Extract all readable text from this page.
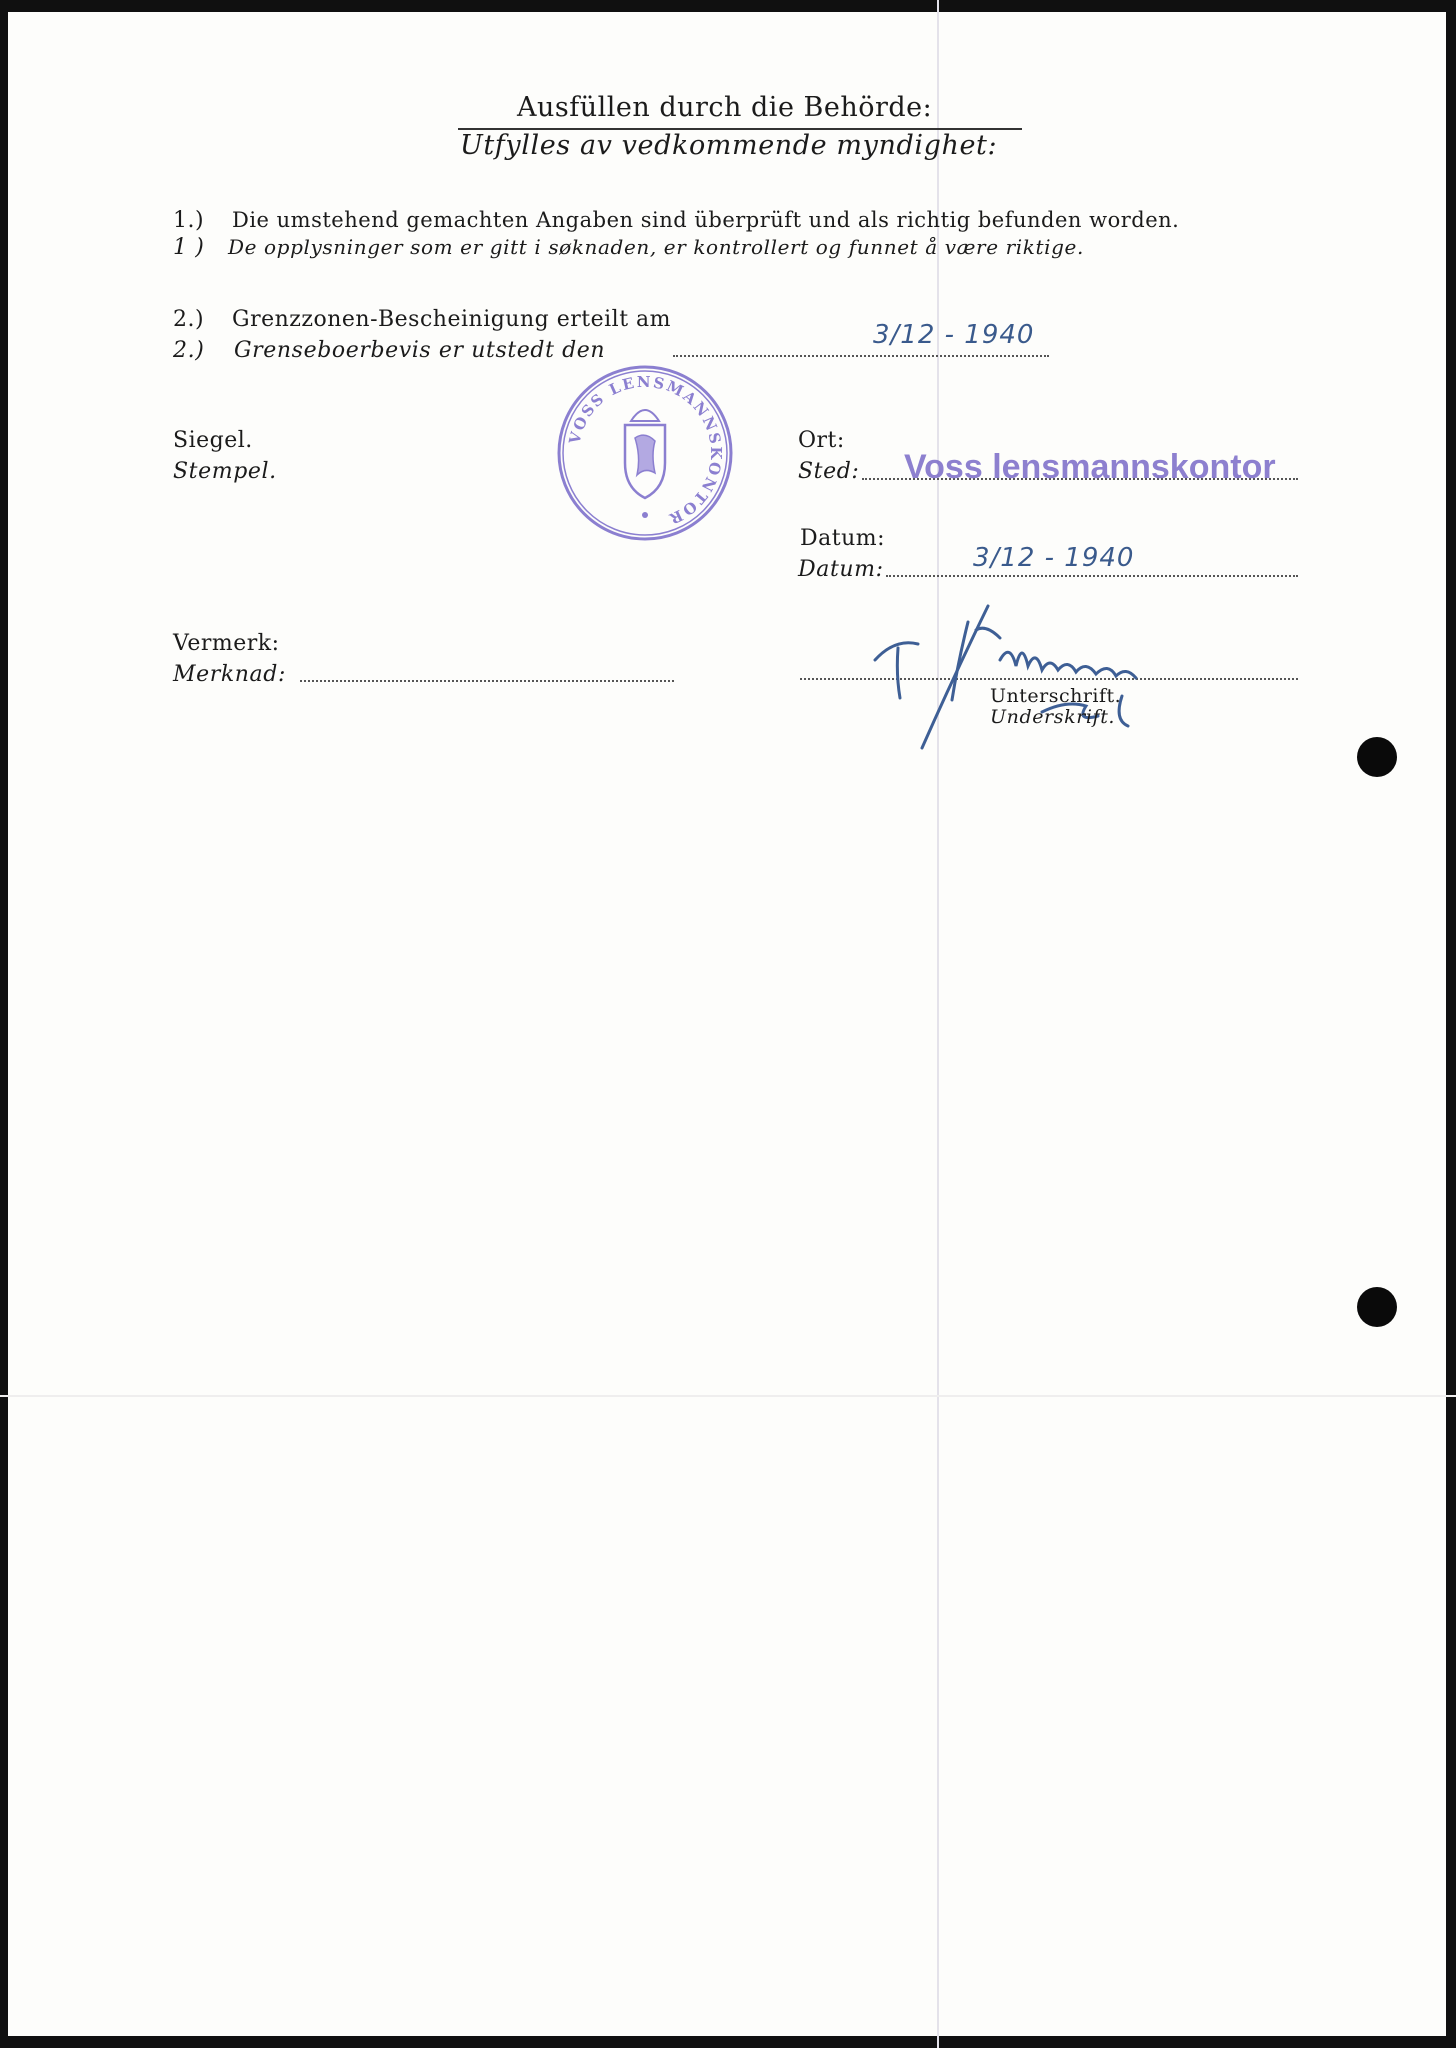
Ausfüllen durch die Behörde:
Utfylles av vedkommende myndighet:
1.) Die umstehend gemachten Angaben sind überprüft und als richtig befunden worden.
1 ) De opplysninger som er gitt i søknaden, er kontrollert og funnet å være riktige.
2.) Grenzzonen-Bescheinigung erteilt am
2.) Grenseboerbevis er utstedt den
3/12 - 1940
Siegel.
Stempel.
VOSS LENSMANNSKONTOR
Ort:
Sted: Voss lensmannskontor
Datum:
Datum:	3/12 - 1940
Vermerk:
Merknad:
Unterschrift.
Underskrift.
